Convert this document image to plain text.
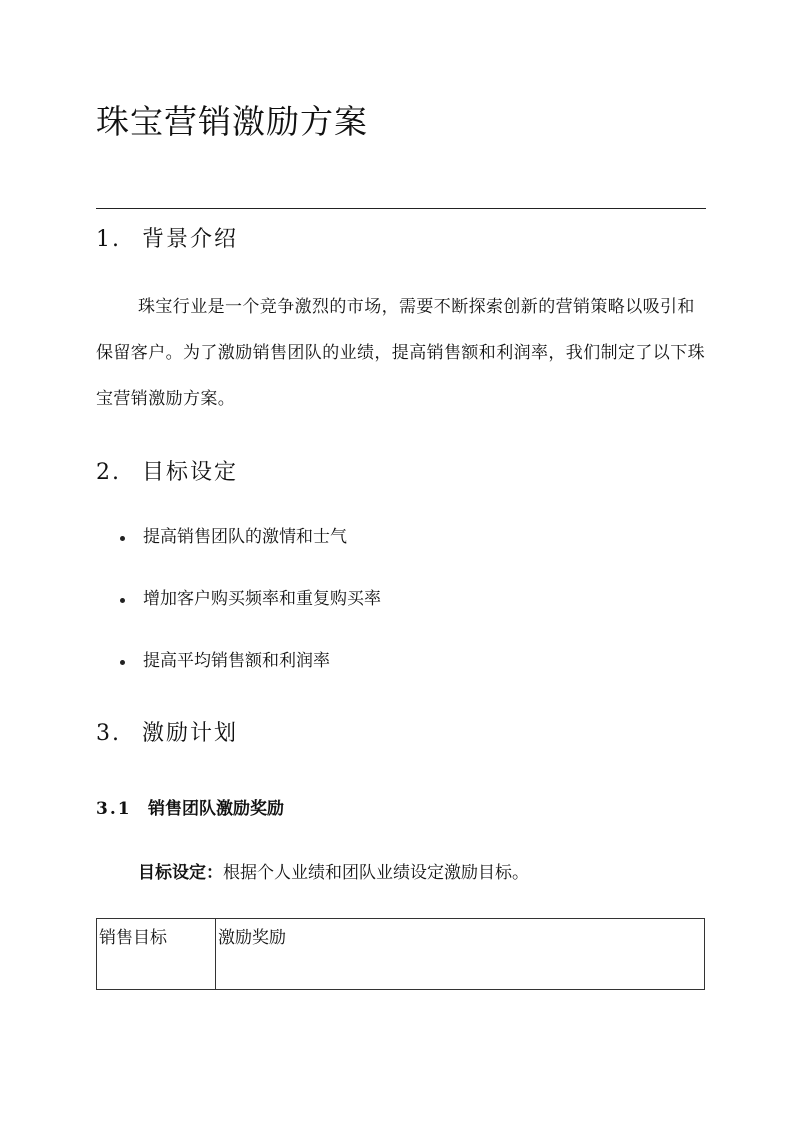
珠宝营销激励方案
1. 背景介绍

珠宝行业是一个竞争激烈的市场，需要不断探索创新的营销策略以吸引和保留客户。为了激励销售团队的业绩，提高销售额和利润率，我们制定了以下珠宝营销激励方案。

2. 目标设定
提高销售团队的激情和士气
增加客户购买频率和重复购买率
提高平均销售额和利润率
3. 激励计划
3.1 销售团队激励奖励

目标设定：根据个人业绩和团队业绩设定激励目标。

销售目标	激励奖励
